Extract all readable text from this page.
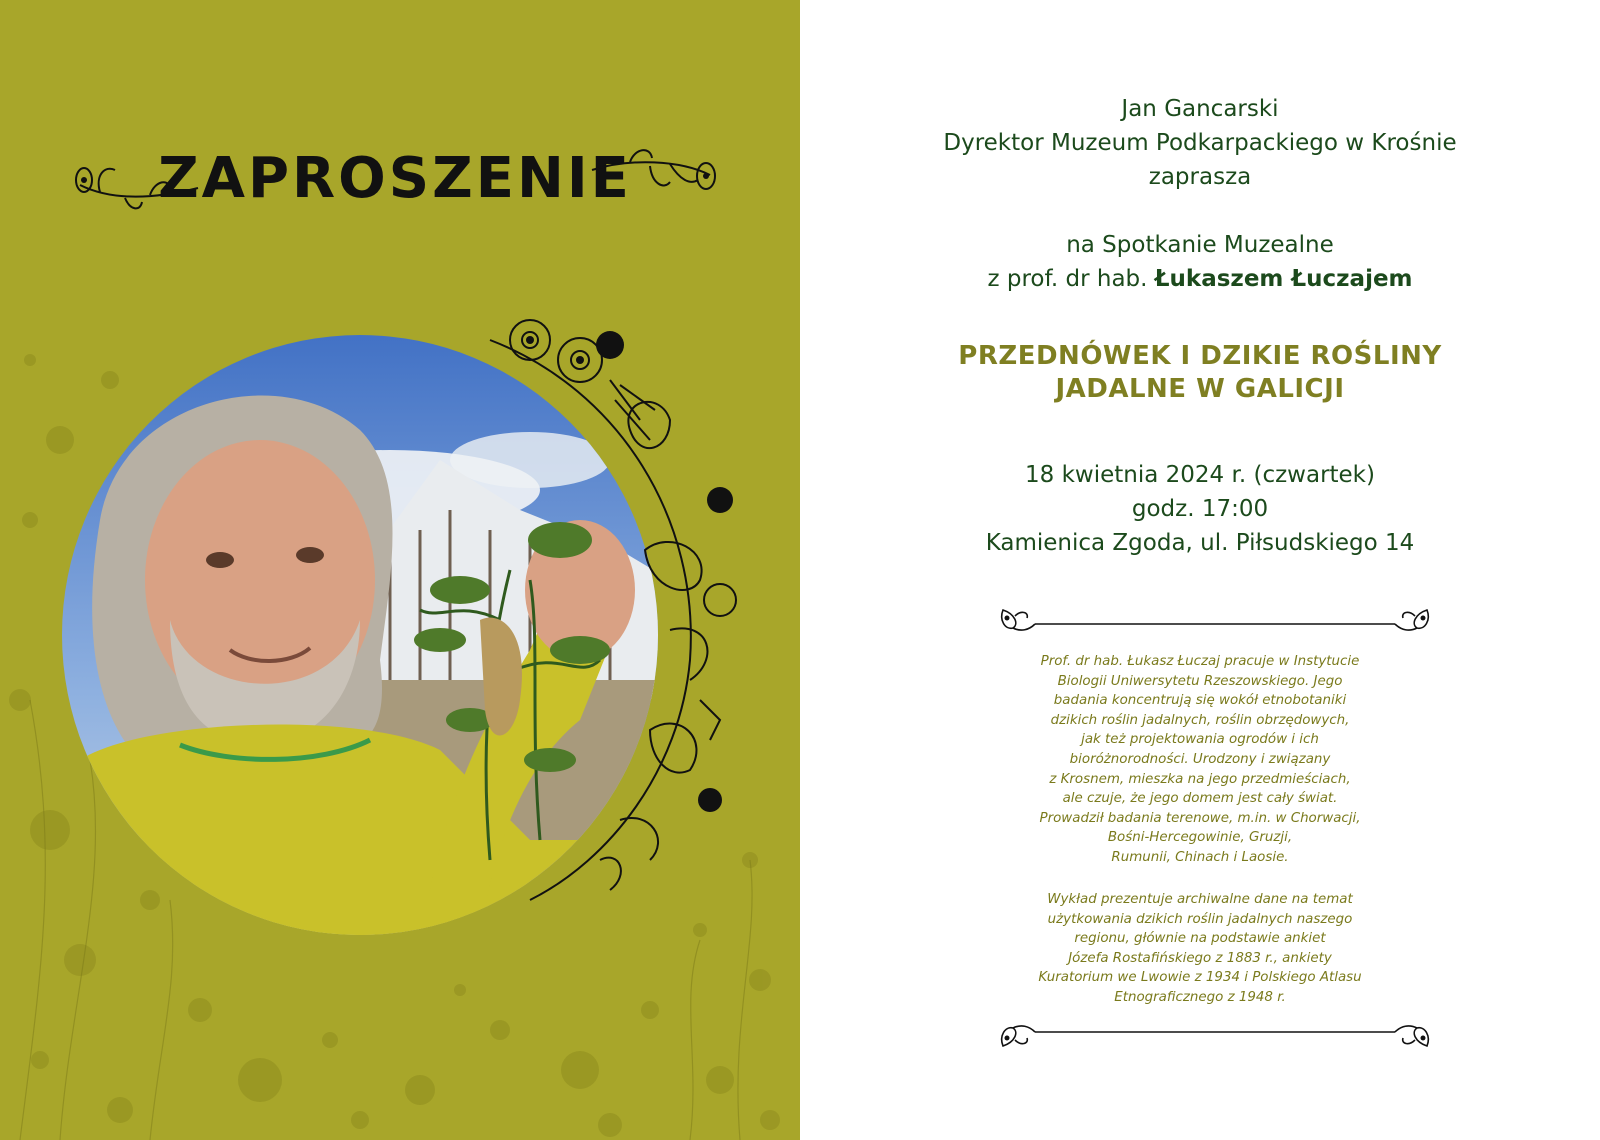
ZAPROSZENIE
Jan Gancarski
Dyrektor Muzeum Podkarpackiego w Krośnie
zaprasza
na Spotkanie Muzealne
z prof. dr hab. Łukaszem Łuczajem
PRZEDNÓWEK I DZIKIE ROŚLINY
JADALNE W GALICJI
18 kwietnia 2024 r. (czwartek)
godz. 17:00
Kamienica Zgoda, ul. Piłsudskiego 14
Prof. dr hab. Łukasz Łuczaj pracuje w Instytucie
Biologii Uniwersytetu Rzeszowskiego. Jego
badania koncentrują się wokół etnobotaniki
dzikich roślin jadalnych, roślin obrzędowych,
jak też projektowania ogrodów i ich
bioróżnorodności. Urodzony i związany
z Krosnem, mieszka na jego przedmieściach,
ale czuje, że jego domem jest cały świat.
Prowadził badania terenowe, m.in. w Chorwacji,
Bośni-Hercegowinie, Gruzji,
Rumunii, Chinach i Laosie.
Wykład prezentuje archiwalne dane na temat
użytkowania dzikich roślin jadalnych naszego
regionu, głównie na podstawie ankiet
Józefa Rostafińskiego z 1883 r., ankiety
Kuratorium we Lwowie z 1934 i Polskiego Atlasu
Etnograficznego z 1948 r.
